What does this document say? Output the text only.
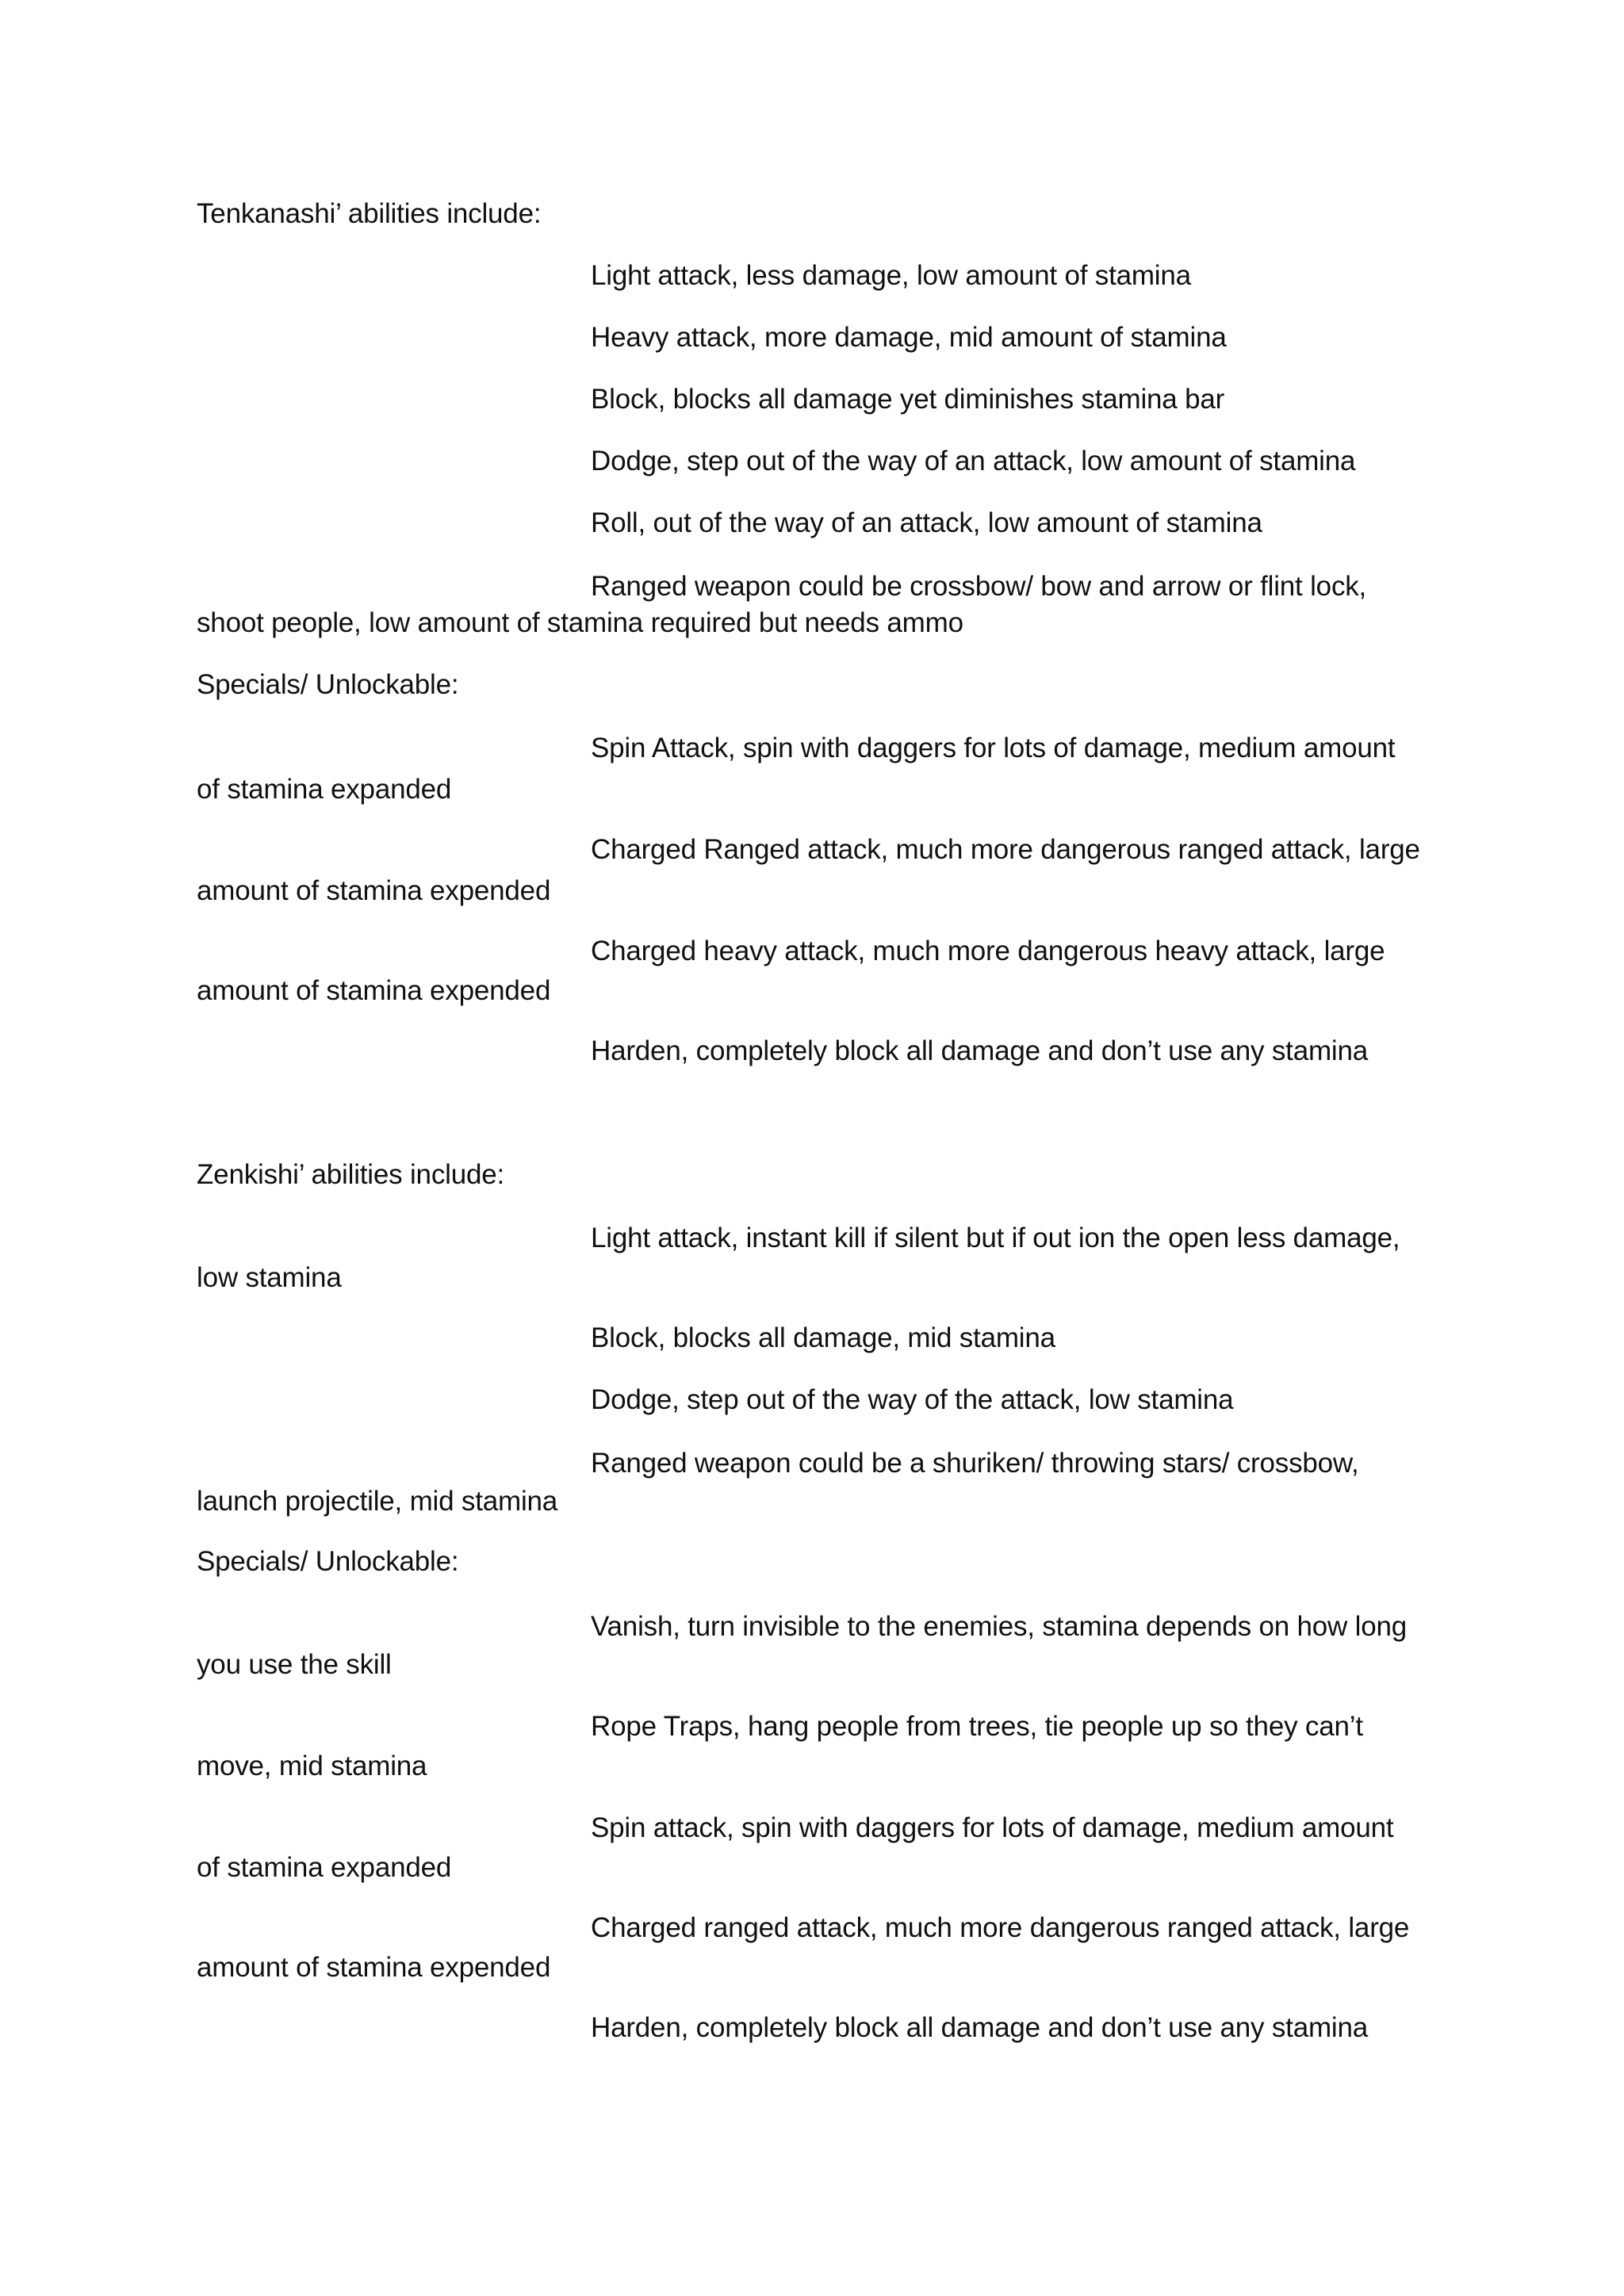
Tenkanashi’ abilities include:

Light attack, less damage, low amount of stamina

Heavy attack, more damage, mid amount of stamina

Block, blocks all damage yet diminishes stamina bar

Dodge, step out of the way of an attack, low amount of stamina

Roll, out of the way of an attack, low amount of stamina

Ranged weapon could be crossbow/ bow and arrow or flint lock,

shoot people, low amount of stamina required but needs ammo

Specials/ Unlockable:

Spin Attack, spin with daggers for lots of damage, medium amount

of stamina expanded

Charged Ranged attack, much more dangerous ranged attack, large

amount of stamina expended

Charged heavy attack, much more dangerous heavy attack, large

amount of stamina expended

Harden, completely block all damage and don’t use any stamina

Zenkishi’ abilities include:

Light attack, instant kill if silent but if out ion the open less damage,

low stamina

Block, blocks all damage, mid stamina

Dodge, step out of the way of the attack, low stamina

Ranged weapon could be a shuriken/ throwing stars/ crossbow,

launch projectile, mid stamina

Specials/ Unlockable:

Vanish, turn invisible to the enemies, stamina depends on how long

you use the skill

Rope Traps, hang people from trees, tie people up so they can’t

move, mid stamina

Spin attack, spin with daggers for lots of damage, medium amount

of stamina expanded

Charged ranged attack, much more dangerous ranged attack, large

amount of stamina expended

Harden, completely block all damage and don’t use any stamina
